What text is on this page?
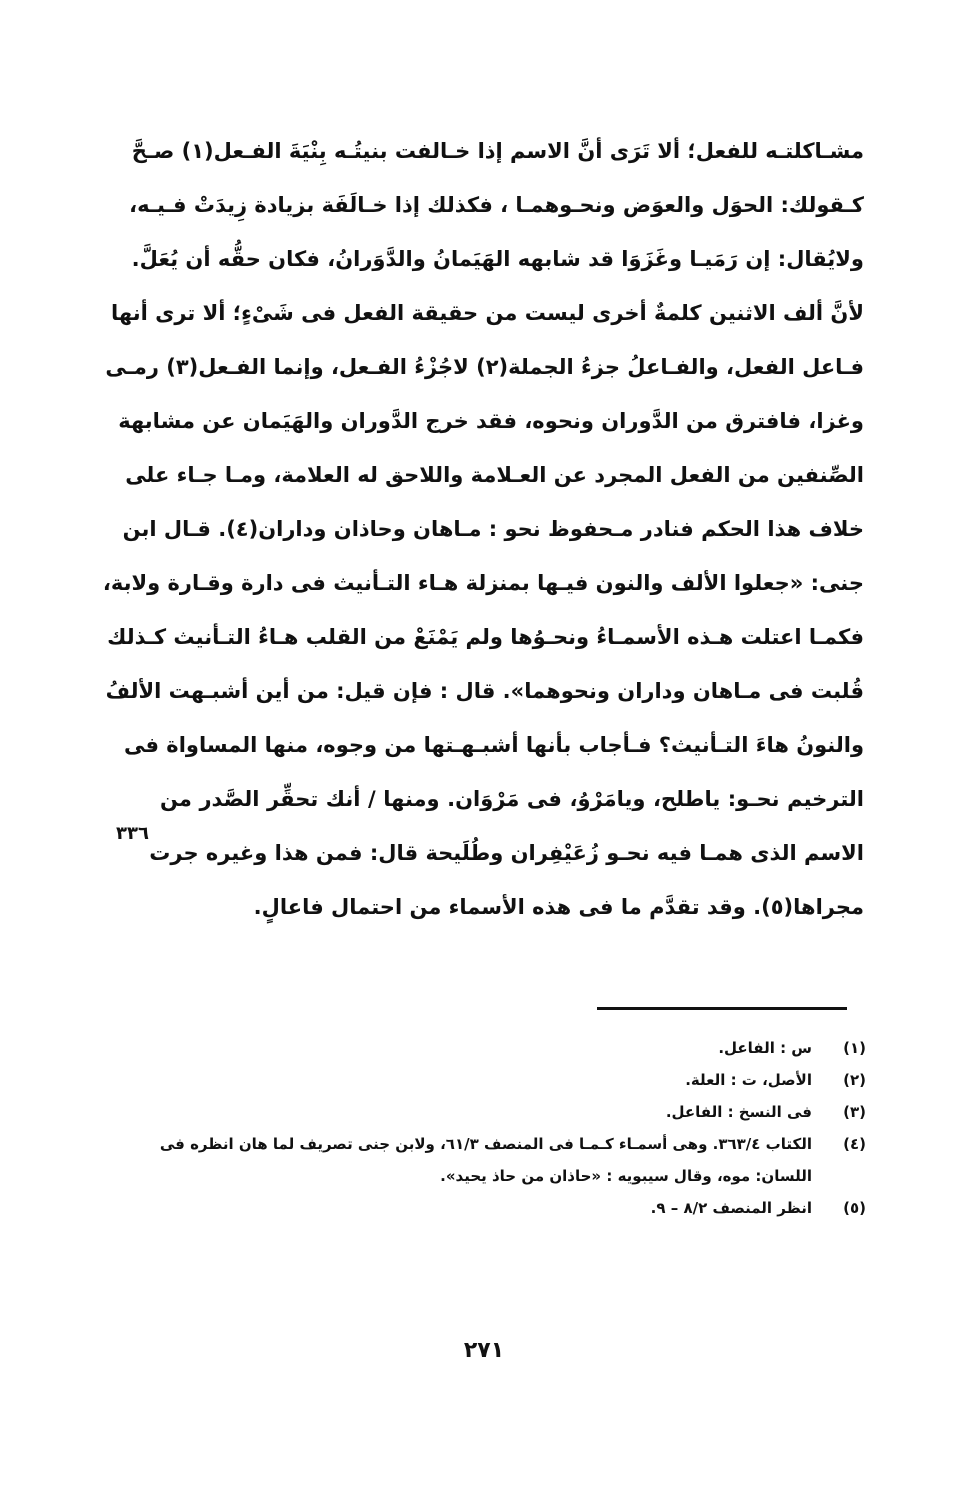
مشـاكلتـه للفعل؛ ألا تَرَى أنَّ الاسم إذا خـالفت بنيتُـه بِنْيَةَ الفـعل(١) صـحَّ
كـقولك: الحوَل والعوَض ونحـوهمـا ، فكذلك إذا خـالَفَة بزيادة زِيدَتْ فـيـه،
ولايُقال: إن رَمَيـا وغَزَوَا قد شابهه الهَيَمانُ والدَّوَرانُ، فكان حقُّه أن يُعَلَّ.
لأنَّ ألف الاثنين كلمةٌ أخرى ليست من حقيقة الفعل فى شَىْءٍ؛ ألا ترى أنها
فـاعل الفعل، والفـاعلُ جزءُ الجملة(٢) لاجُزْءُ الفـعل، وإنما الفـعل(٣) رمـى
وغزا، فافترق من الدَّوران ونحوه، فقد خرج الدَّوران والهَيَمان عن مشابهة
الصِّنفين من الفعل المجرد عن العـلامة واللاحق له العلامة، ومـا جـاء على
خلاف هذا الحكم فنادر مـحفوظ نحو : مـاهان وحاذان وداران(٤). قـال ابن
جنى: «جعلوا الألف والنون فيـها بمنزلة هـاء التـأنيث فى دارة وقـارة ولابة،
فكمـا اعتلت هـذه الأسمـاءُ ونحـوُها ولم يَمْنَعْ من القلب هـاءُ التـأنيث كـذلك
قُلبت فى مـاهان وداران ونحوهما». قال : فإن قيل: من أين أشبـهت الألفُ
والنونُ هاءَ التـأنيث؟ فـأجاب بأنها أشبـهـتها من وجوه، منها المساواة فى
الترخيم نحـو: ياطلح، ويامَرْوُ، فى مَرْوَان. ومنها / أنك تحقِّر الصَّدر من
الاسم الذى همـا فيه نحـو زُعَيْفِران وطُلَيحة قال: فمن هذا وغيره جرت
مجراها(٥). وقد تقدَّم ما فى هذه الأسماء من احتمال فاعالٍ.
٣٣٦
(١)
س : الفاعل.
(٢)
الأصل، ت : العلة.
(٣)
فى النسخ : الفاعل.
(٤)
الكتاب ٣٦٣/٤. وهى أسمـاء كـمـا فى المنصف ٦١/٣، ولابن جنى تصريف لما هان انظره فى اللسان: موه، وقال سيبويه : «حاذان من حاذ يحيد».
(٥)
انظر المنصف ٨/٢ – ٩.
٢٧١
